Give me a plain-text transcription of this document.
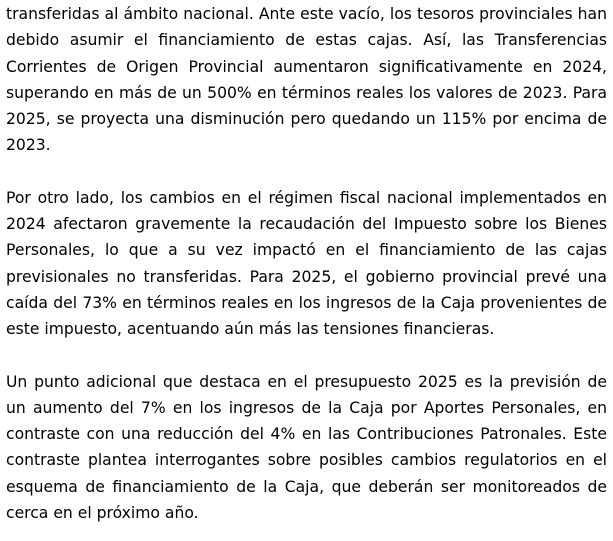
transferidas al ámbito nacional. Ante este vacío, los tesoros provinciales han debido asumir el financiamiento de estas cajas. Así, las Transferencias Corrientes de Origen Provincial aumentaron significativamente en 2024, superando en más de un 500% en términos reales los valores de 2023. Para 2025, se proyecta una disminución pero quedando un 115% por encima de 2023.

Por otro lado, los cambios en el régimen fiscal nacional implementados en 2024 afectaron gravemente la recaudación del Impuesto sobre los Bienes Personales, lo que a su vez impactó en el financiamiento de las cajas previsionales no transferidas. Para 2025, el gobierno provincial prevé una caída del 73% en términos reales en los ingresos de la Caja provenientes de este impuesto, acentuando aún más las tensiones financieras.

Un punto adicional que destaca en el presupuesto 2025 es la previsión de un aumento del 7% en los ingresos de la Caja por Aportes Personales, en contraste con una reducción del 4% en las Contribuciones Patronales. Este contraste plantea interrogantes sobre posibles cambios regulatorios en el esquema de financiamiento de la Caja, que deberán ser monitoreados de cerca en el próximo año.
